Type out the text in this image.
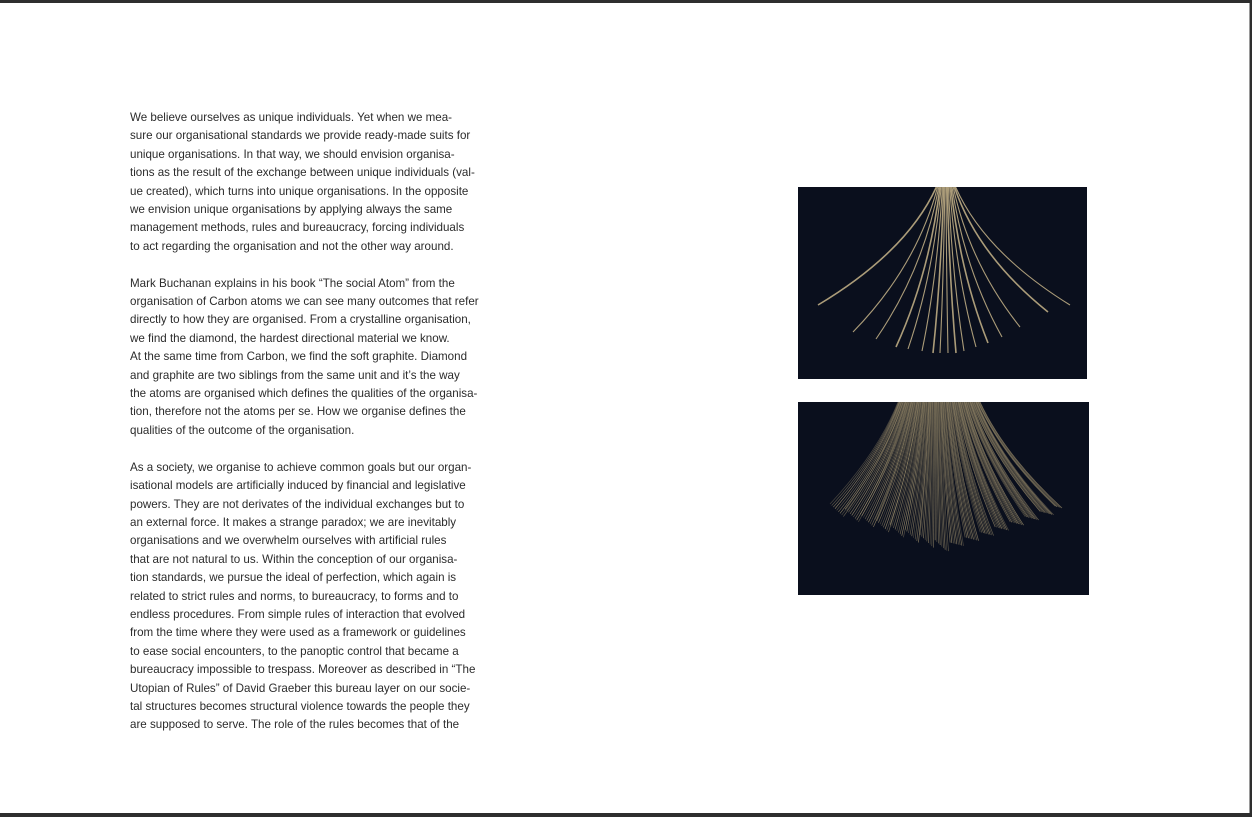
We believe ourselves as unique individuals. Yet when we mea-
sure our organisational standards we provide ready-made suits for
unique organisations. In that way, we should envision organisa-
tions as the result of the exchange between unique individuals (val-
ue created), which turns into unique organisations. In the opposite
we envision unique organisations by applying always the same
management methods, rules and bureaucracy, forcing individuals
to act regarding the organisation and not the other way around.

Mark Buchanan explains in his book “The social Atom” from the
organisation of Carbon atoms we can see many outcomes that refer
directly to how they are organised. From a crystalline organisation,
we find the diamond, the hardest directional material we know.
At the same time from Carbon, we find the soft graphite. Diamond
and graphite are two siblings from the same unit and it’s the way
the atoms are organised which defines the qualities of the organisa-
tion, therefore not the atoms per se. How we organise defines the
qualities of the outcome of the organisation.

As a society, we organise to achieve common goals but our organ-
isational models are artificially induced by financial and legislative
powers. They are not derivates of the individual exchanges but to
an external force. It makes a strange paradox; we are inevitably
organisations and we overwhelm ourselves with artificial rules
that are not natural to us. Within the conception of our organisa-
tion standards, we pursue the ideal of perfection, which again is
related to strict rules and norms, to bureaucracy, to forms and to
endless procedures. From simple rules of interaction that evolved
from the time where they were used as a framework or guidelines
to ease social encounters, to the panoptic control that became a
bureaucracy impossible to trespass. Moreover as described in “The
Utopian of Rules” of David Graeber this bureau layer on our socie-
tal structures becomes structural violence towards the people they
are supposed to serve. The role of the rules becomes that of the
